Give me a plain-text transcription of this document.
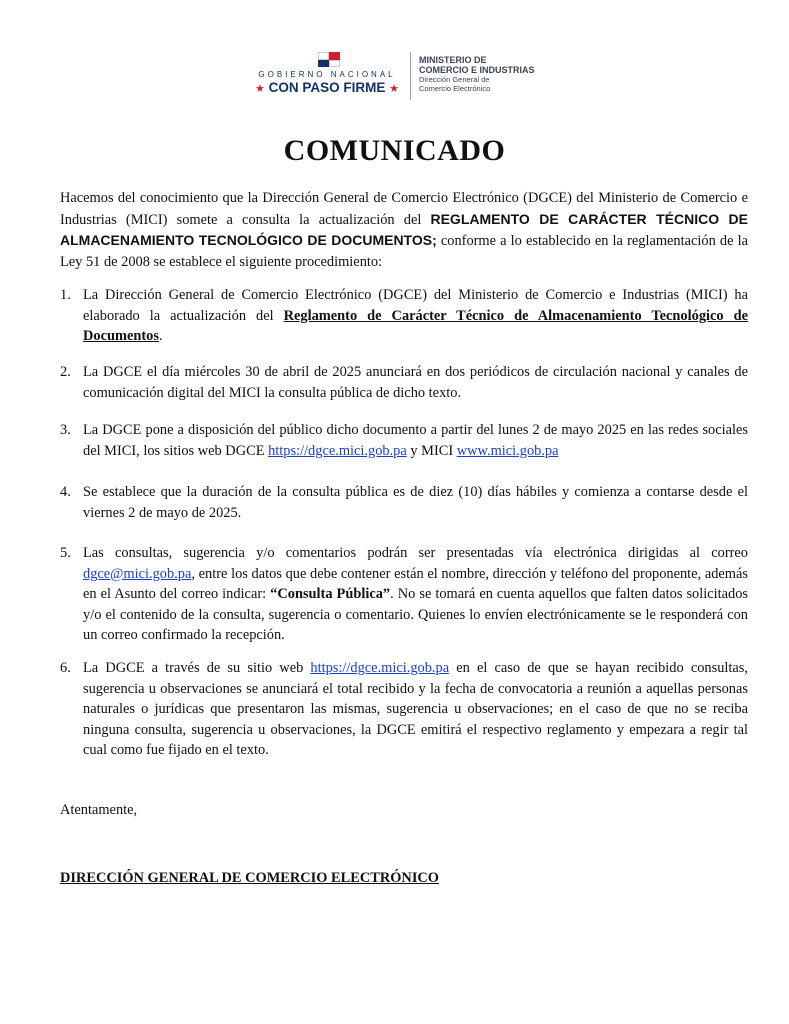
GOBIERNO NACIONAL
★ CON PASO FIRME ★
MINISTERIO DE
COMERCIO E INDUSTRIAS
Dirección General de
Comercio Electrónico
COMUNICADO
Hacemos del conocimiento que la Dirección General de Comercio Electrónico (DGCE) del Ministerio de Comercio e Industrias (MICI) somete a consulta la actualización del REGLAMENTO DE CARÁCTER TÉCNICO DE ALMACENAMIENTO TECNOLÓGICO DE DOCUMENTOS; conforme a lo establecido en la reglamentación de la Ley 51 de 2008 se establece el siguiente procedimiento:
1. La Dirección General de Comercio Electrónico (DGCE) del Ministerio de Comercio e Industrias (MICI) ha elaborado la actualización del Reglamento de Carácter Técnico de Almacenamiento Tecnológico de Documentos.
2. La DGCE el día miércoles 30 de abril de 2025 anunciará en dos periódicos de circulación nacional y canales de comunicación digital del MICI la consulta pública de dicho texto.
3. La DGCE pone a disposición del público dicho documento a partir del lunes 2 de mayo 2025 en las redes sociales del MICI, los sitios web DGCE https://dgce.mici.gob.pa y MICI www.mici.gob.pa
4. Se establece que la duración de la consulta pública es de diez (10) días hábiles y comienza a contarse desde el viernes 2 de mayo de 2025.
5. Las consultas, sugerencia y/o comentarios podrán ser presentadas vía electrónica dirigidas al correo dgce@mici.gob.pa, entre los datos que debe contener están el nombre, dirección y teléfono del proponente, además en el Asunto del correo indicar: “Consulta Pública”. No se tomará en cuenta aquellos que falten datos solicitados y/o el contenido de la consulta, sugerencia o comentario. Quienes lo envíen electrónicamente se le responderá con un correo confirmado la recepción.
6. La DGCE a través de su sitio web https://dgce.mici.gob.pa en el caso de que se hayan recibido consultas, sugerencia u observaciones se anunciará el total recibido y la fecha de convocatoria a reunión a aquellas personas naturales o jurídicas que presentaron las mismas, sugerencia u observaciones; en el caso de que no se reciba ninguna consulta, sugerencia u observaciones, la DGCE emitirá el respectivo reglamento y empezara a regir tal cual como fue fijado en el texto.
Atentamente,
DIRECCIÓN GENERAL DE COMERCIO ELECTRÓNICO
